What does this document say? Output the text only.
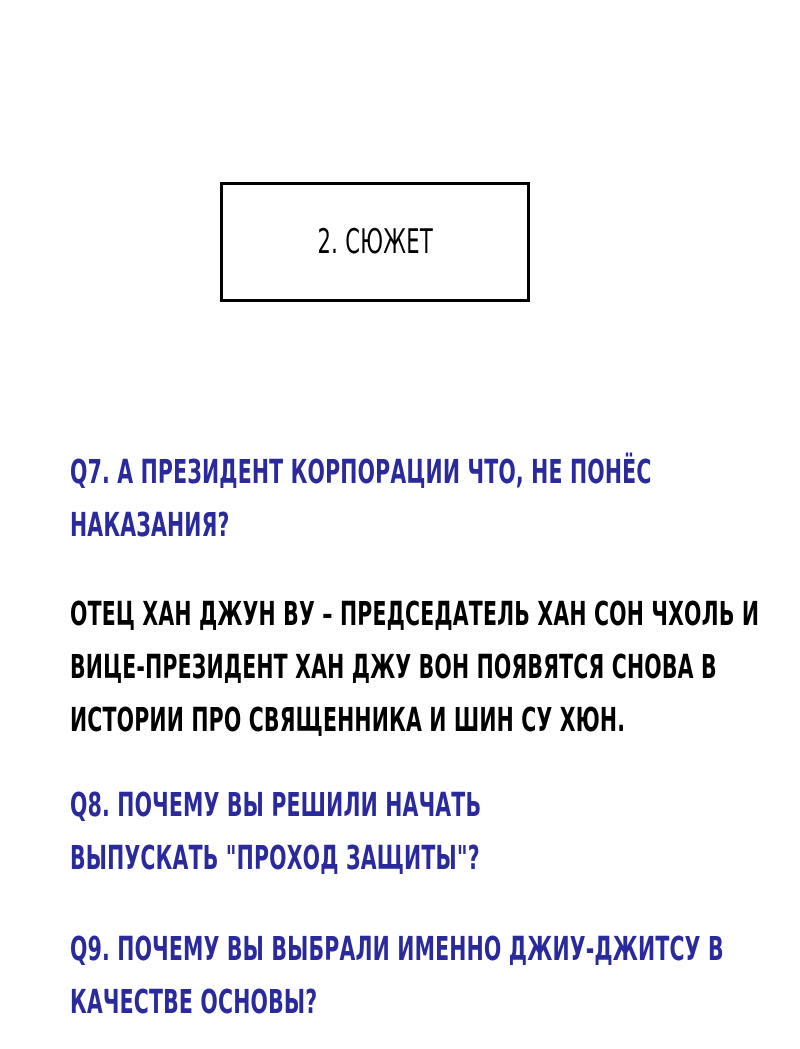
2. СЮЖЕТ
Q7. А ПРЕЗИДЕНТ КОРПОРАЦИИ ЧТО, НЕ ПОНЁС
НАКАЗАНИЯ?
ОТЕЦ ХАН ДЖУН ВУ – ПРЕДСЕДАТЕЛЬ ХАН СОН ЧХОЛЬ И
ВИЦЕ-ПРЕЗИДЕНТ ХАН ДЖУ ВОН ПОЯВЯТСЯ СНОВА В
ИСТОРИИ ПРО СВЯЩЕННИКА И ШИН СУ ХЮН.
Q8. ПОЧЕМУ ВЫ РЕШИЛИ НАЧАТЬ
ВЫПУСКАТЬ "ПРОХОД ЗАЩИТЫ"?
Q9. ПОЧЕМУ ВЫ ВЫБРАЛИ ИМЕННО ДЖИУ-ДЖИТСУ В
КАЧЕСТВЕ ОСНОВЫ?
